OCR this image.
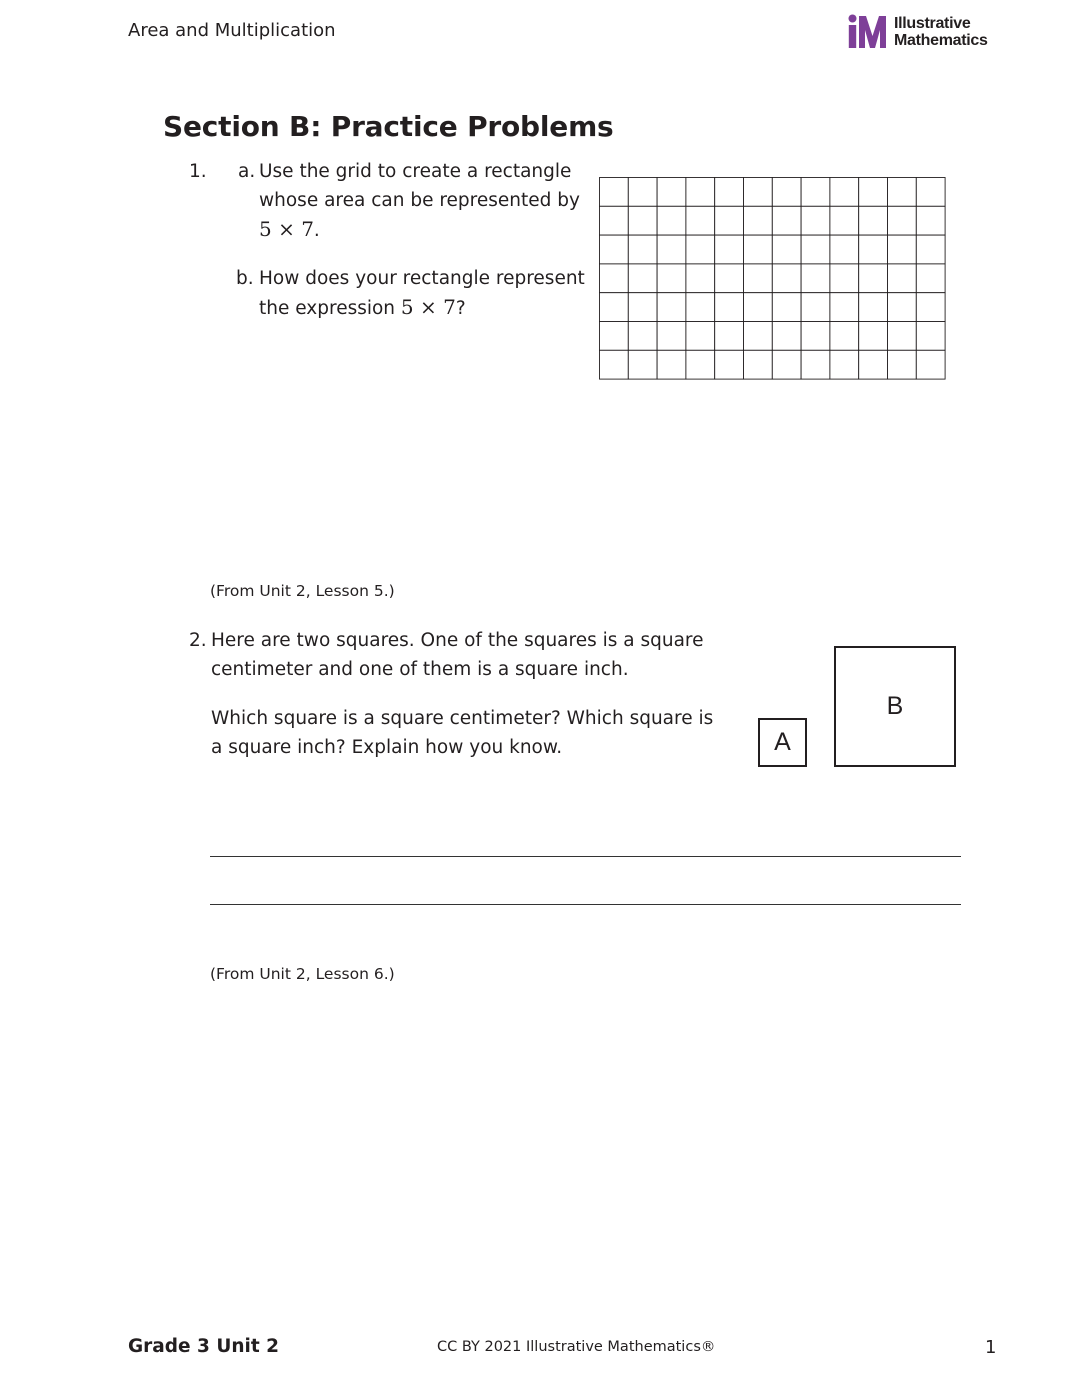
Area and Multiplication	Illustrative
Mathematics
Section B: Practice Problems
1. a. Use the grid to create a rectangle
whose area can be represented by
5 × 7.
b. How does your rectangle represent
the expression 5 × 7?
(From Unit 2, Lesson 5.)
2. Here are two squares. One of the squares is a square
centimeter and one of them is a square inch.
Which square is a square centimeter? Which square is
a square inch? Explain how you know.	A
B
(From Unit 2, Lesson 6.)
Grade 3 Unit 2	CC BY 2021 Illustrative Mathematics®	1
